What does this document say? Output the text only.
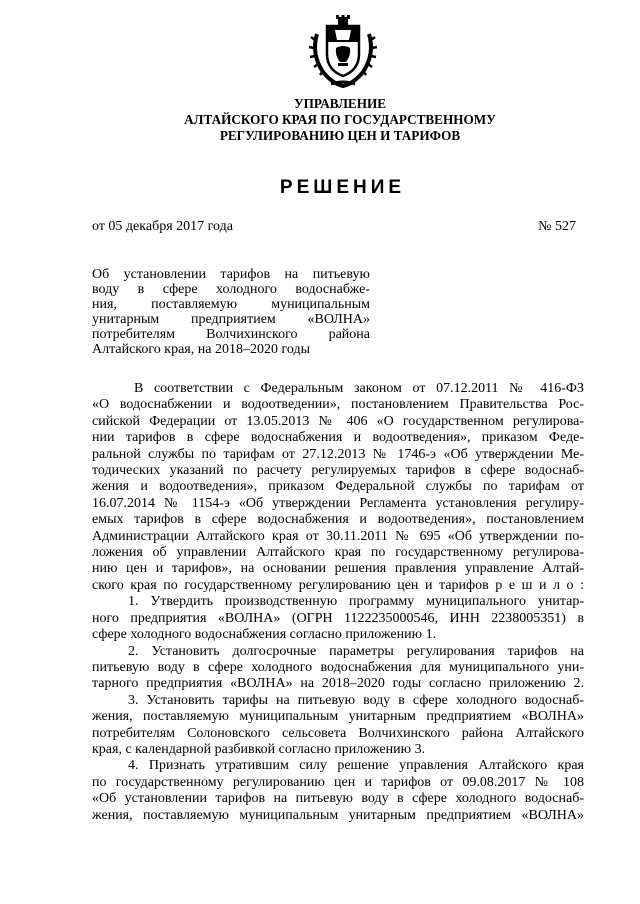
УПРАВЛЕНИЕ
АЛТАЙСКОГО КРАЯ ПО ГОСУДАРСТВЕННОМУ
РЕГУЛИРОВАНИЮ ЦЕН И ТАРИФОВ
РЕШЕНИЕ
от 05 декабря 2017 года	№ 527
Об установлении тарифов на питьевую
воду в сфере холодного водоснабже-
ния, поставляемую муниципальным
унитарным предприятием «ВОЛНА»
потребителям Волчихинского района
Алтайского края, на 2018–2020 годы
В соответствии с Федеральным законом от 07.12.2011 № 416-ФЗ
«О водоснабжении и водоотведении», постановлением Правительства Рос-
сийской Федерации от 13.05.2013 № 406 «О государственном регулирова-
нии тарифов в сфере водоснабжения и водоотведения», приказом Феде-
ральной службы по тарифам от 27.12.2013 № 1746-э «Об утверждении Ме-
тодических указаний по расчету регулируемых тарифов в сфере водоснаб-
жения и водоотведения», приказом Федеральной службы по тарифам от
16.07.2014 № 1154-э «Об утверждении Регламента установления регулиру-
емых тарифов в сфере водоснабжения и водоотведения», постановлением
Администрации Алтайского края от 30.11.2011 № 695 «Об утверждении по-
ложения об управлении Алтайского края по государственному регулирова-
нию цен и тарифов», на основании решения правления управление Алтай-
ского края по государственному регулированию цен и тарифов р е ш и л о :
1. Утвердить производственную программу муниципального унитар-
ного предприятия «ВОЛНА» (ОГРН 1122235000546, ИНН 2238005351) в
сфере холодного водоснабжения согласно приложению 1.
2. Установить долгосрочные параметры регулирования тарифов на
питьевую воду в сфере холодного водоснабжения для муниципального уни-
тарного предприятия «ВОЛНА» на 2018–2020 годы согласно приложению 2.
3. Установить тарифы на питьевую воду в сфере холодного водоснаб-
жения, поставляемую муниципальным унитарным предприятием «ВОЛНА»
потребителям Солоновского сельсовета Волчихинского района Алтайского
края, с календарной разбивкой согласно приложению 3.
4. Признать утратившим силу решение управления Алтайского края
по государственному регулированию цен и тарифов от 09.08.2017 № 108
«Об установлении тарифов на питьевую воду в сфере холодного водоснаб-
жения, поставляемую муниципальным унитарным предприятием «ВОЛНА»
